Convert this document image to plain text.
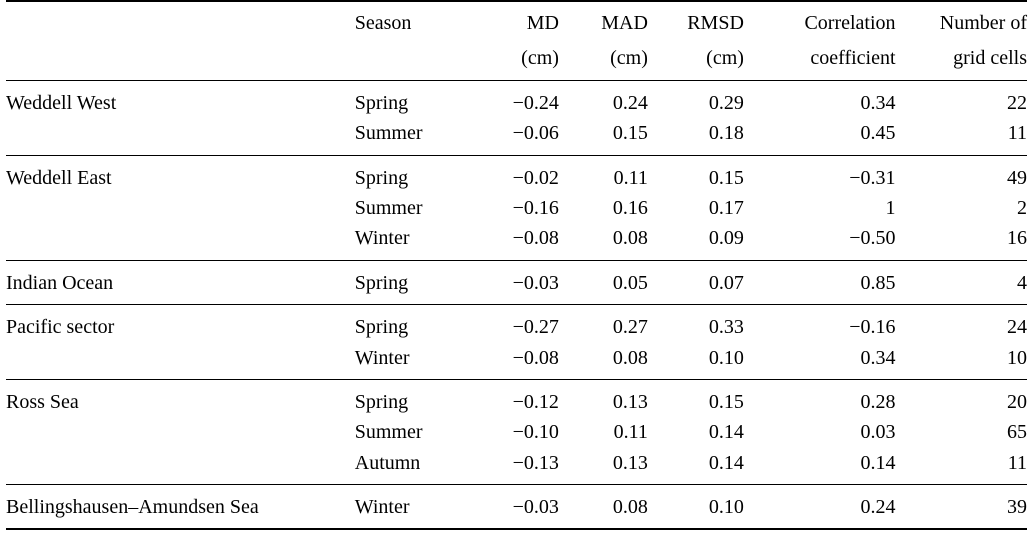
	Season	MD	MAD	RMSD	Correlation	Number of
		(cm)	(cm)	(cm)	coefficient	grid cells

Weddell West	Spring	−0.24	0.24	0.29	0.34	22
	Summer	−0.06	0.15	0.18	0.45	11

Weddell East	Spring	−0.02	0.11	0.15	−0.31	49
	Summer	−0.16	0.16	0.17	1	2
	Winter	−0.08	0.08	0.09	−0.50	16

Indian Ocean	Spring	−0.03	0.05	0.07	0.85	4

Pacific sector	Spring	−0.27	0.27	0.33	−0.16	24
	Winter	−0.08	0.08	0.10	0.34	10

Ross Sea	Spring	−0.12	0.13	0.15	0.28	20
	Summer	−0.10	0.11	0.14	0.03	65
	Autumn	−0.13	0.13	0.14	0.14	11

Bellingshausen–Amundsen Sea	Winter	−0.03	0.08	0.10	0.24	39
